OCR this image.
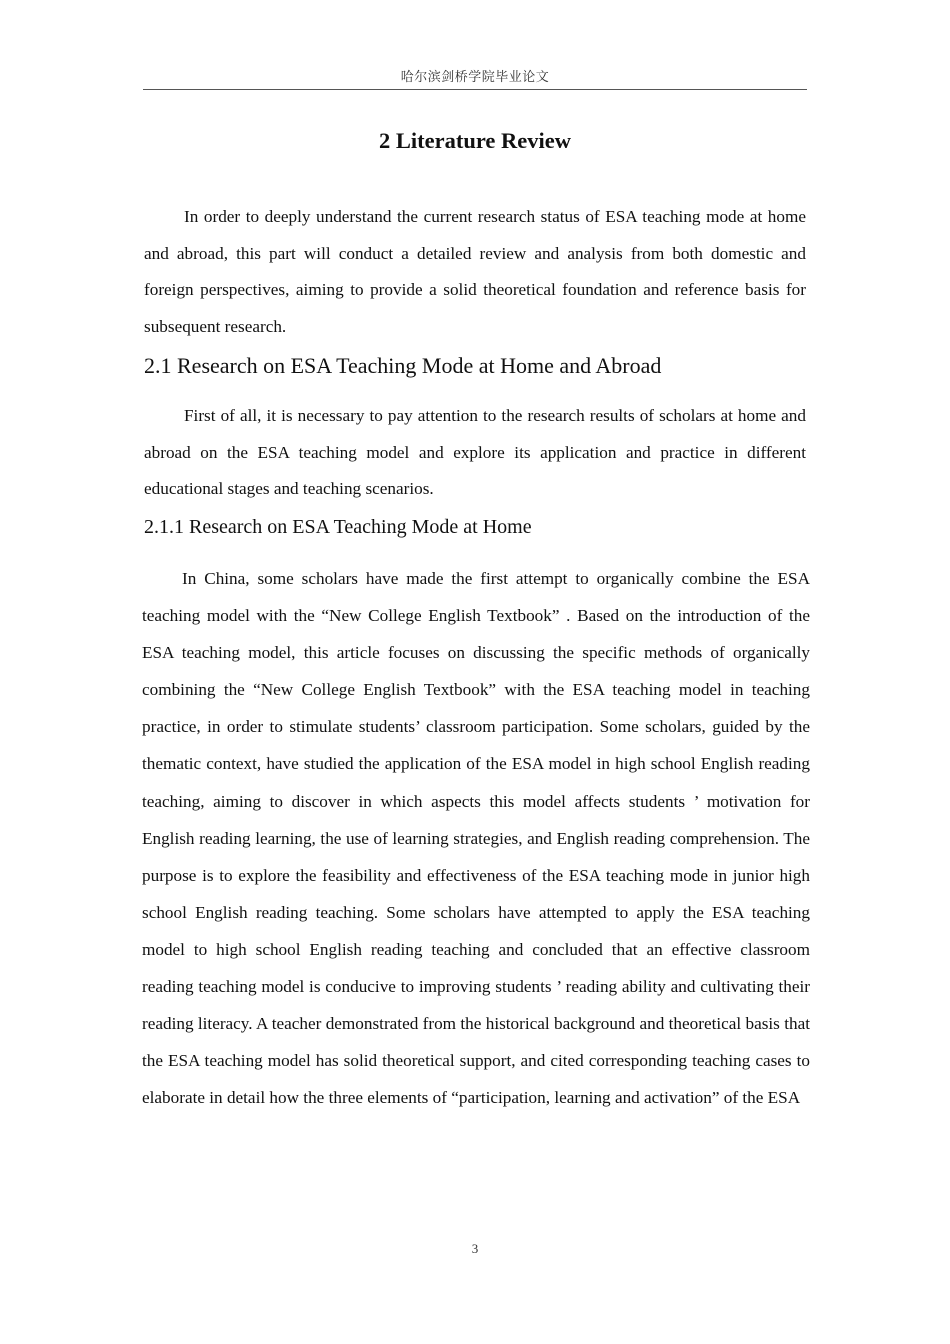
哈尔滨剑桥学院毕业论文
2 Literature Review

In order to deeply understand the current research status of ESA teaching mode at home and abroad, this part will conduct a detailed review and analysis from both domestic and foreign perspectives, aiming to provide a solid theoretical foundation and reference basis for subsequent research.

2.1 Research on ESA Teaching Mode at Home and Abroad

First of all, it is necessary to pay attention to the research results of scholars at home and abroad on the ESA teaching model and explore its application and practice in different educational stages and teaching scenarios.

2.1.1 Research on ESA Teaching Mode at Home

In China, some scholars have made the first attempt to organically combine the ESA teaching model with the “New College English Textbook” . Based on the introduction of the ESA teaching model, this article focuses on discussing the specific methods of organically combining the “New College English Textbook” with the ESA teaching model in teaching practice, in order to stimulate students’ classroom participation. Some scholars, guided by the thematic context, have studied the application of the ESA model in high school English reading teaching, aiming to discover in which aspects this model affects students ’ motivation for English reading learning, the use of learning strategies, and English reading comprehension. The purpose is to explore the feasibility and effectiveness of the ESA teaching mode in junior high school English reading teaching. Some scholars have attempted to apply the ESA teaching model to high school English reading teaching and concluded that an effective classroom reading teaching model is conducive to improving students ’ reading ability and cultivating their reading literacy. A teacher demonstrated from the historical background and theoretical basis that the ESA teaching model has solid theoretical support, and cited corresponding teaching cases to elaborate in detail how the three elements of “participation, learning and activation” of the ESA

3
